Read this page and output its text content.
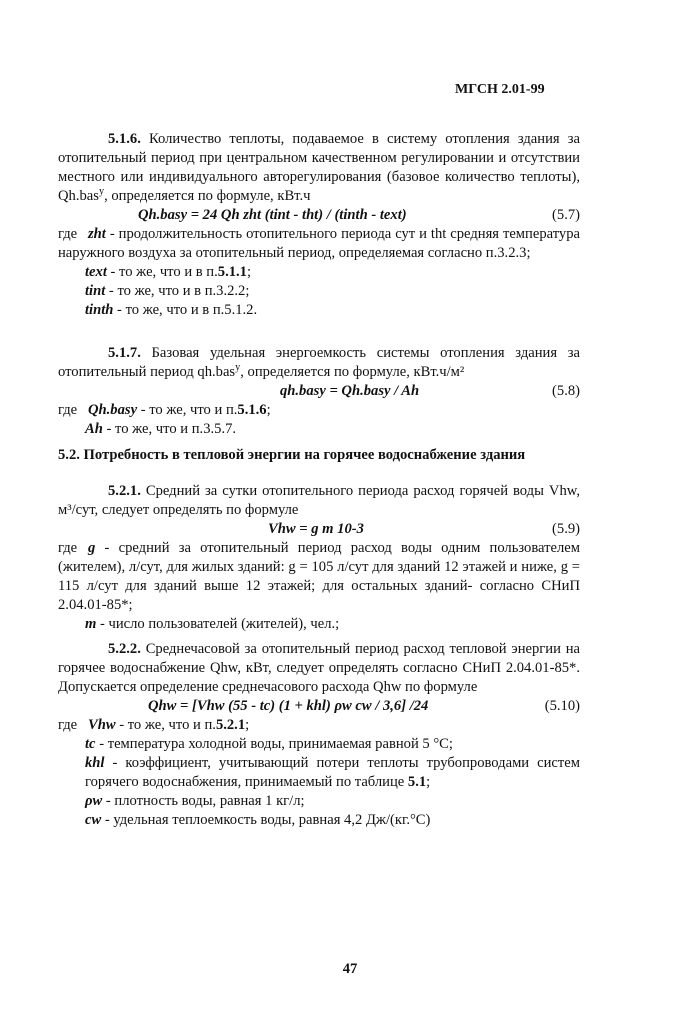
МГСН 2.01-99
5.1.6. Количество теплоты, подаваемое в систему отопления здания за отопительный период при центральном качественном регулировании и отсутствии местного или индивидуального авторегулирования (базовое количество теплоты), Qh.bas$^y$, определяется по формуле, кВт.ч
Qh.basy = 24 Qh zht (tint - tht) / (tinth - text)	(5.7)
где zht - продолжительность отопительного периода сут и tht средняя температура наружного воздуха за отопительный период, определяемая согласно п.3.2.3;
text - то же, что и в п.5.1.1;
tint - то же, что и в п.3.2.2;
tinth - то же, что и в п.5.1.2.
5.1.7. Базовая удельная энергоемкость системы отопления здания за отопительный период qh.bas$^y$, определяется по формуле, кВт.ч/м²
qh.basy = Qh.basy / Ah	(5.8)
где Qh.basy - то же, что и п.5.1.6;
Ah - то же, что и п.3.5.7.
5.2. Потребность в тепловой энергии на горячее водоснабжение здания
5.2.1. Средний за сутки отопительного периода расход горячей воды Vhw, м³/сут, следует определять по формуле
Vhw = g m 10-3	(5.9)
где g - средний за отопительный период расход воды одним пользователем (жителем), л/сут, для жилых зданий: g = 105 л/сут для зданий 12 этажей и ниже, g = 115 л/сут для зданий выше 12 этажей; для остальных зданий- согласно СНиП 2.04.01-85*;
m - число пользователей (жителей), чел.;
5.2.2. Среднечасовой за отопительный период расход тепловой энергии на горячее водоснабжение Qhw, кВт, следует определять согласно СНиП 2.04.01-85*. Допускается определение среднечасового расхода Qhw по формуле
Qhw = [Vhw (55 - tc) (1 + khl) ρw cw / 3,6] /24	(5.10)
где Vhw - то же, что и п.5.2.1;
tc - температура холодной воды, принимаемая равной 5 °С;
khl - коэффициент, учитывающий потери теплоты трубопроводами систем горячего водоснабжения, принимаемый по таблице 5.1;
ρw - плотность воды, равная 1 кг/л;
cw - удельная теплоемкость воды, равная 4,2 Дж/(кг.°С)
47
